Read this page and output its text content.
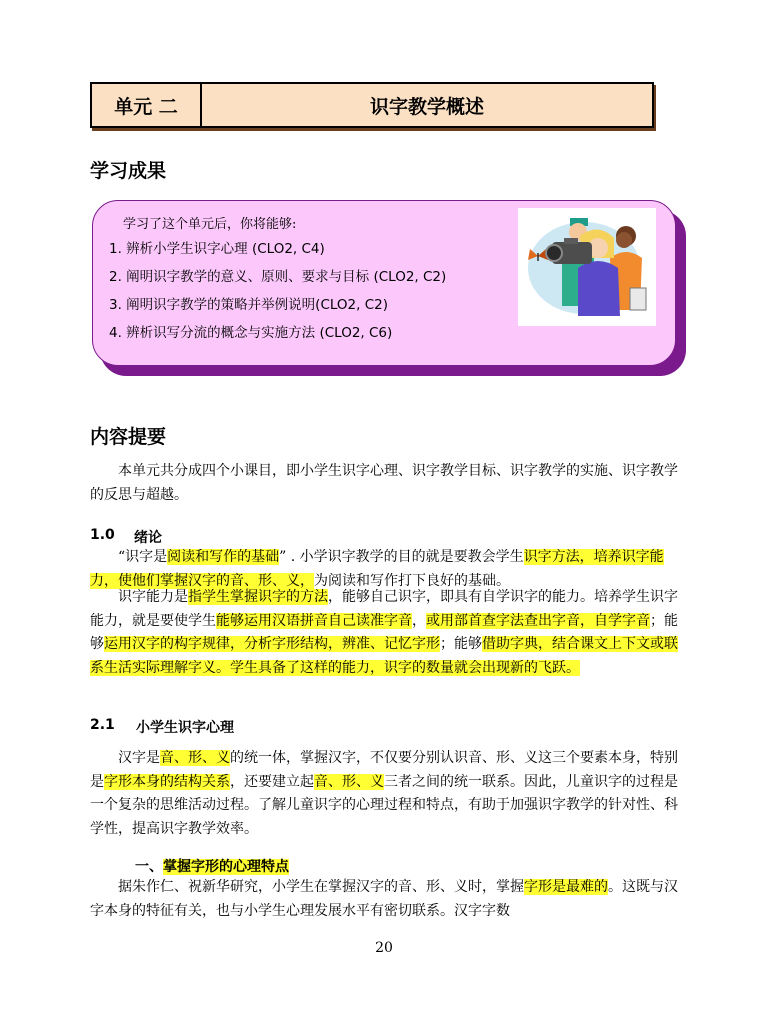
单元 二	识字教学概述
学习成果
学习了这个单元后，你将能够:
1. 辨析小学生识字心理 (CLO2, C4)
2. 阐明识字教学的意义、原则、要求与目标 (CLO2, C2)
3. 阐明识字教学的策略并举例说明(CLO2, C2)
4. 辨析识写分流的概念与实施方法 (CLO2, C6)
内容提要
本单元共分成四个小课目，即小学生识字心理、识字教学目标、识字教学的实施、识字教学的反思与超越。
1.0 绪论
“识字是阅读和写作的基础” . 小学识字教学的目的就是要教会学生识字方法，培养识字能力，使他们掌握汉字的音、形、义，为阅读和写作打下良好的基础。
识字能力是指学生掌握识字的方法，能够自己识字，即具有自学识字的能力。培养学生识字能力，就是要使学生能够运用汉语拼音自己读准字音，或用部首查字法查出字音，自学字音；能够运用汉字的构字规律，分析字形结构，辨准、记忆字形；能够借助字典，结合课文上下文或联系生活实际理解字义。学生具备了这样的能力，识字的数量就会出现新的飞跃。
2.1 小学生识字心理
汉字是音、形、义的统一体，掌握汉字，不仅要分别认识音、形、义这三个要素本身，特别是字形本身的结构关系，还要建立起音、形、义三者之间的统一联系。因此，儿童识字的过程是一个复杂的思维活动过程。了解儿童识字的心理过程和特点，有助于加强识字教学的针对性、科学性，提高识字教学效率。
一、掌握字形的心理特点
据朱作仁、祝新华研究，小学生在掌握汉字的音、形、义时，掌握字形是最难的。这既与汉字本身的特征有关，也与小学生心理发展水平有密切联系。汉字字数
20
